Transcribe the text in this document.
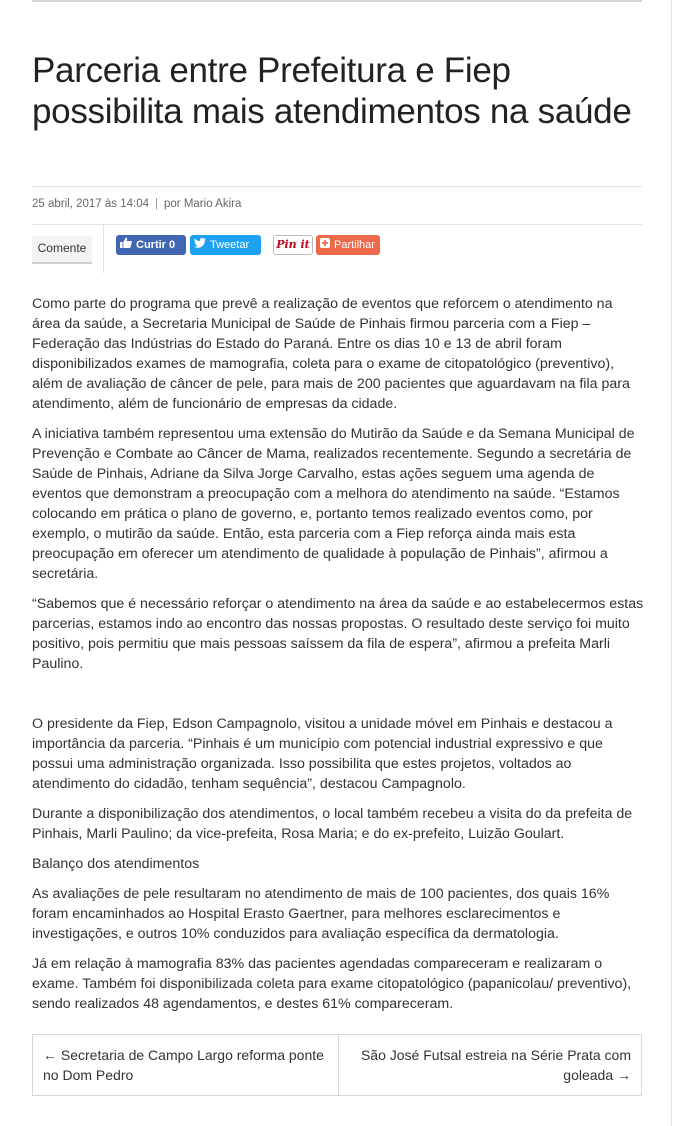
Parceria entre Prefeitura e Fiep possibilita mais atendimentos na saúde
25 abril, 2017 às 14:04 | por Mario Akira
Comente	Curtir 0	Tweetar	Pin it	Partilhar

Como parte do programa que prevê a realização de eventos que reforcem o atendimento na área da saúde, a Secretaria Municipal de Saúde de Pinhais firmou parceria com a Fiep – Federação das Indústrias do Estado do Paraná. Entre os dias 10 e 13 de abril foram disponibilizados exames de mamografia, coleta para o exame de citopatológico (preventivo), além de avaliação de câncer de pele, para mais de 200 pacientes que aguardavam na fila para atendimento, além de funcionário de empresas da cidade.

A iniciativa também representou uma extensão do Mutirão da Saúde e da Semana Municipal de Prevenção e Combate ao Câncer de Mama, realizados recentemente. Segundo a secretária de Saúde de Pinhais, Adriane da Silva Jorge Carvalho, estas ações seguem uma agenda de eventos que demonstram a preocupação com a melhora do atendimento na saúde. “Estamos colocando em prática o plano de governo, e, portanto temos realizado eventos como, por exemplo, o mutirão da saúde. Então, esta parceria com a Fiep reforça ainda mais esta preocupação em oferecer um atendimento de qualidade à população de Pinhais”, afirmou a secretária.

“Sabemos que é necessário reforçar o atendimento na área da saúde e ao estabelecermos estas parcerias, estamos indo ao encontro das nossas propostas. O resultado deste serviço foi muito positivo, pois permitiu que mais pessoas saíssem da fila de espera”, afirmou a prefeita Marli Paulino.

O presidente da Fiep, Edson Campagnolo, visitou a unidade móvel em Pinhais e destacou a importância da parceria. “Pinhais é um município com potencial industrial expressivo e que possui uma administração organizada. Isso possibilita que estes projetos, voltados ao atendimento do cidadão, tenham sequência”, destacou Campagnolo.

Durante a disponibilização dos atendimentos, o local também recebeu a visita do da prefeita de Pinhais, Marli Paulino; da vice-prefeita, Rosa Maria; e do ex-prefeito, Luizão Goulart.

Balanço dos atendimentos

As avaliações de pele resultaram no atendimento de mais de 100 pacientes, dos quais 16% foram encaminhados ao Hospital Erasto Gaertner, para melhores esclarecimentos e investigações, e outros 10% conduzidos para avaliação específica da dermatologia.

Já em relação à mamografia 83% das pacientes agendadas compareceram e realizaram o exame. Também foi disponibilizada coleta para exame citopatológico (papanicolau/ preventivo), sendo realizados 48 agendamentos, e destes 61% compareceram.

← Secretaria de Campo Largo reforma ponte no Dom Pedro
São José Futsal estreia na Série Prata com goleada →
